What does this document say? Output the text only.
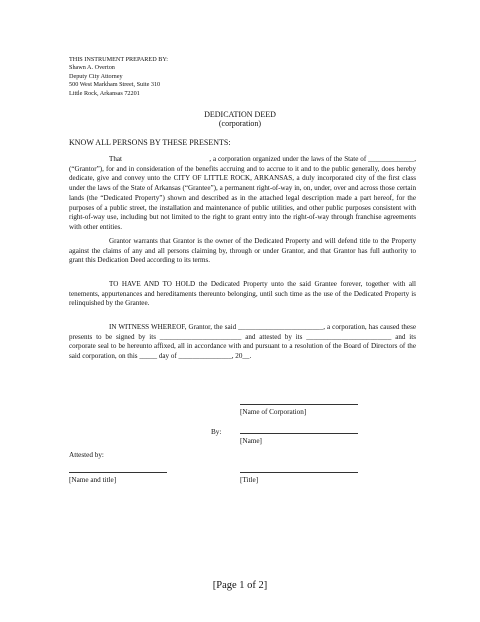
THIS INSTRUMENT PREPARED BY:
Shawn A. Overton
Deputy City Attorney
500 West Markham Street, Suite 310
Little Rock, Arkansas 72201
DEDICATION DEED
(corporation)
KNOW ALL PERSONS BY THESE PRESENTS:

That                                              , a corporation organized under the laws of the State of _____________, (“Grantor”), for and in consideration of the benefits accruing and to accrue to it and to the public generally, does hereby dedicate, give and convey unto the CITY OF LITTLE ROCK, ARKANSAS, a duly incorporated city of the first class under the laws of the State of Arkansas (“Grantee”), a permanent right-of-way in, on, under, over and across those certain lands (the “Dedicated Property”) shown and described as in the attached legal description made a part hereof, for the purposes of a public street, the installation and maintenance of public utilities, and other public purposes consistent with right-of-way use, including but not limited to the right to grant entry into the right-of-way through franchise agreements with other entities.

Grantor warrants that Grantor is the owner of the Dedicated Property and will defend title to the Property against the claims of any and all persons claiming by, through or under Grantor, and that Grantor has full authority to grant this Dedication Deed according to its terms.

TO HAVE AND TO HOLD the Dedicated Property unto the said Grantee forever, together with all tenements, appurtenances and hereditaments thereunto belonging, until such time as the use of the Dedicated Property is relinquished by the Grantee.

IN WITNESS WHEREOF, Grantor, the said ________________________, a corporation, has caused these presents to be signed by its _______________________ and attested by its ________________________ and its corporate seal to be hereunto affixed, all in accordance with and pursuant to a resolution of the Board of Directors of the said corporation, on this _____ day of _______________, 20__.

[Name of Corporation]
By:
[Name]
Attested by:
[Name and title]	[Title]
[Page 1 of 2]
